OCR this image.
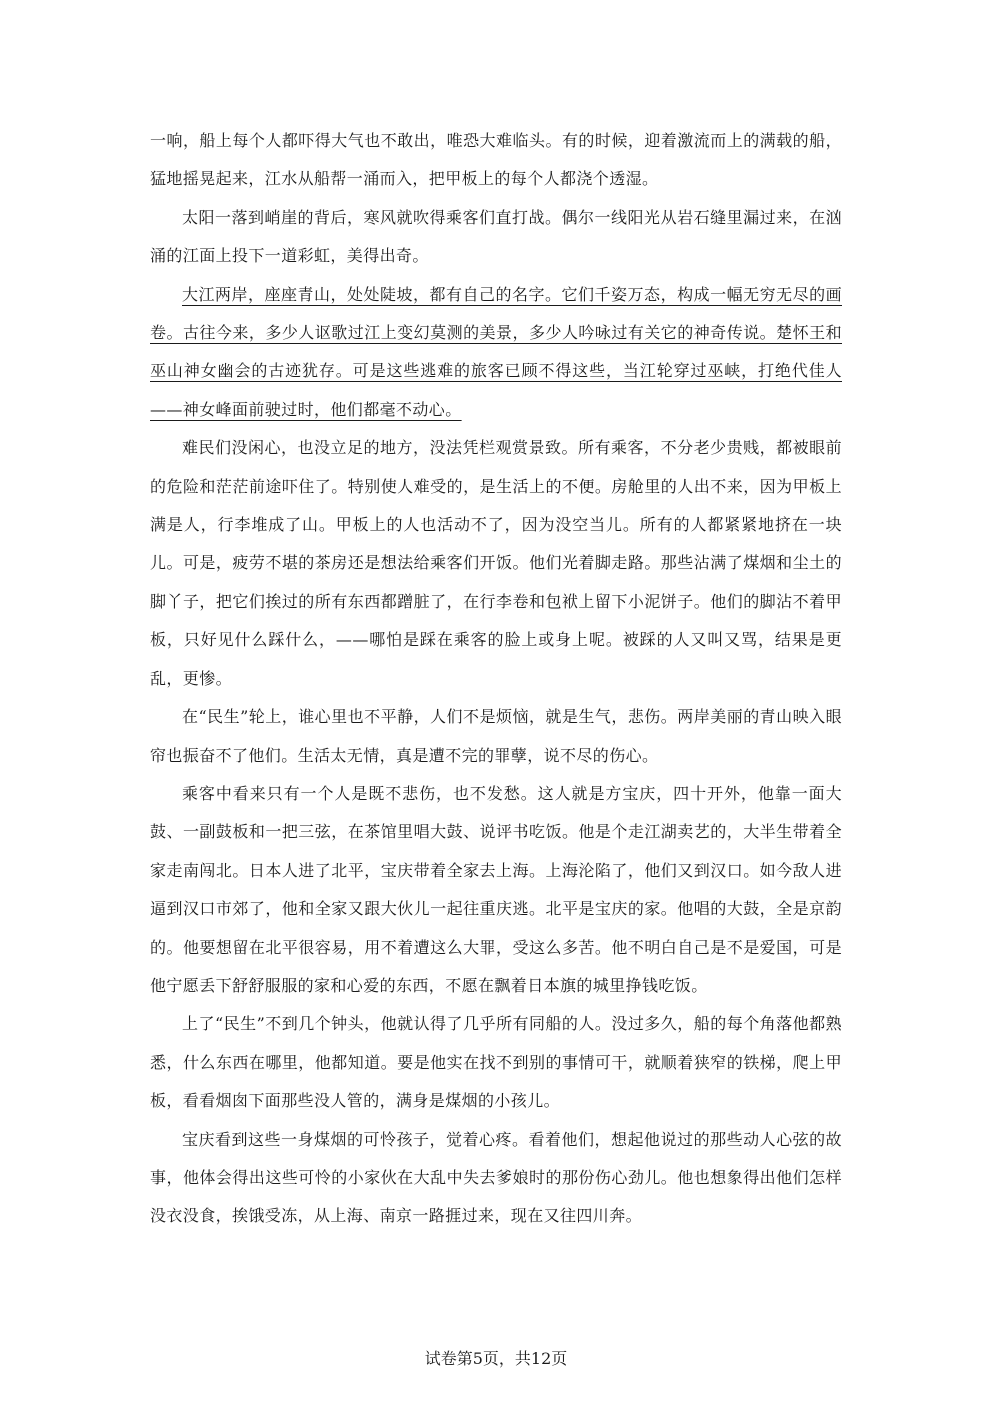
一响，船上每个人都吓得大气也不敢出，唯恐大难临头。有的时候，迎着激流而上的满载的船，猛地摇晃起来，江水从船帮一涌而入，把甲板上的每个人都浇个透湿。

太阳一落到峭崖的背后，寒风就吹得乘客们直打战。偶尔一线阳光从岩石缝里漏过来，在汹涌的江面上投下一道彩虹，美得出奇。

大江两岸，座座青山，处处陡坡，都有自己的名字。它们千姿万态，构成一幅无穷无尽的画卷。古往今来，多少人讴歌过江上变幻莫测的美景，多少人吟咏过有关它的神奇传说。楚怀王和巫山神女幽会的古迹犹存。可是这些逃难的旅客已顾不得这些，当江轮穿过巫峡，打绝代佳人——神女峰面前驶过时，他们都毫不动心。

难民们没闲心，也没立足的地方，没法凭栏观赏景致。所有乘客，不分老少贵贱，都被眼前的危险和茫茫前途吓住了。特别使人难受的，是生活上的不便。房舱里的人出不来，因为甲板上满是人，行李堆成了山。甲板上的人也活动不了，因为没空当儿。所有的人都紧紧地挤在一块儿。可是，疲劳不堪的茶房还是想法给乘客们开饭。他们光着脚走路。那些沾满了煤烟和尘土的脚丫子，把它们挨过的所有东西都蹭脏了，在行李卷和包袱上留下小泥饼子。他们的脚沾不着甲板，只好见什么踩什么，——哪怕是踩在乘客的脸上或身上呢。被踩的人又叫又骂，结果是更乱，更惨。

在“民生”轮上，谁心里也不平静，人们不是烦恼，就是生气，悲伤。两岸美丽的青山映入眼帘也振奋不了他们。生活太无情，真是遭不完的罪孽，说不尽的伤心。

乘客中看来只有一个人是既不悲伤，也不发愁。这人就是方宝庆，四十开外，他靠一面大鼓、一副鼓板和一把三弦，在茶馆里唱大鼓、说评书吃饭。他是个走江湖卖艺的，大半生带着全家走南闯北。日本人进了北平，宝庆带着全家去上海。上海沦陷了，他们又到汉口。如今敌人进逼到汉口市郊了，他和全家又跟大伙儿一起往重庆逃。北平是宝庆的家。他唱的大鼓，全是京韵的。他要想留在北平很容易，用不着遭这么大罪，受这么多苦。他不明白自己是不是爱国，可是他宁愿丢下舒舒服服的家和心爱的东西，不愿在飘着日本旗的城里挣钱吃饭。

上了“民生”不到几个钟头，他就认得了几乎所有同船的人。没过多久，船的每个角落他都熟悉，什么东西在哪里，他都知道。要是他实在找不到别的事情可干，就顺着狭窄的铁梯，爬上甲板，看看烟囱下面那些没人管的，满身是煤烟的小孩儿。

宝庆看到这些一身煤烟的可怜孩子，觉着心疼。看着他们，想起他说过的那些动人心弦的故事，他体会得出这些可怜的小家伙在大乱中失去爹娘时的那份伤心劲儿。他也想象得出他们怎样没衣没食，挨饿受冻，从上海、南京一路捱过来，现在又往四川奔。

试卷第5页，共12页
